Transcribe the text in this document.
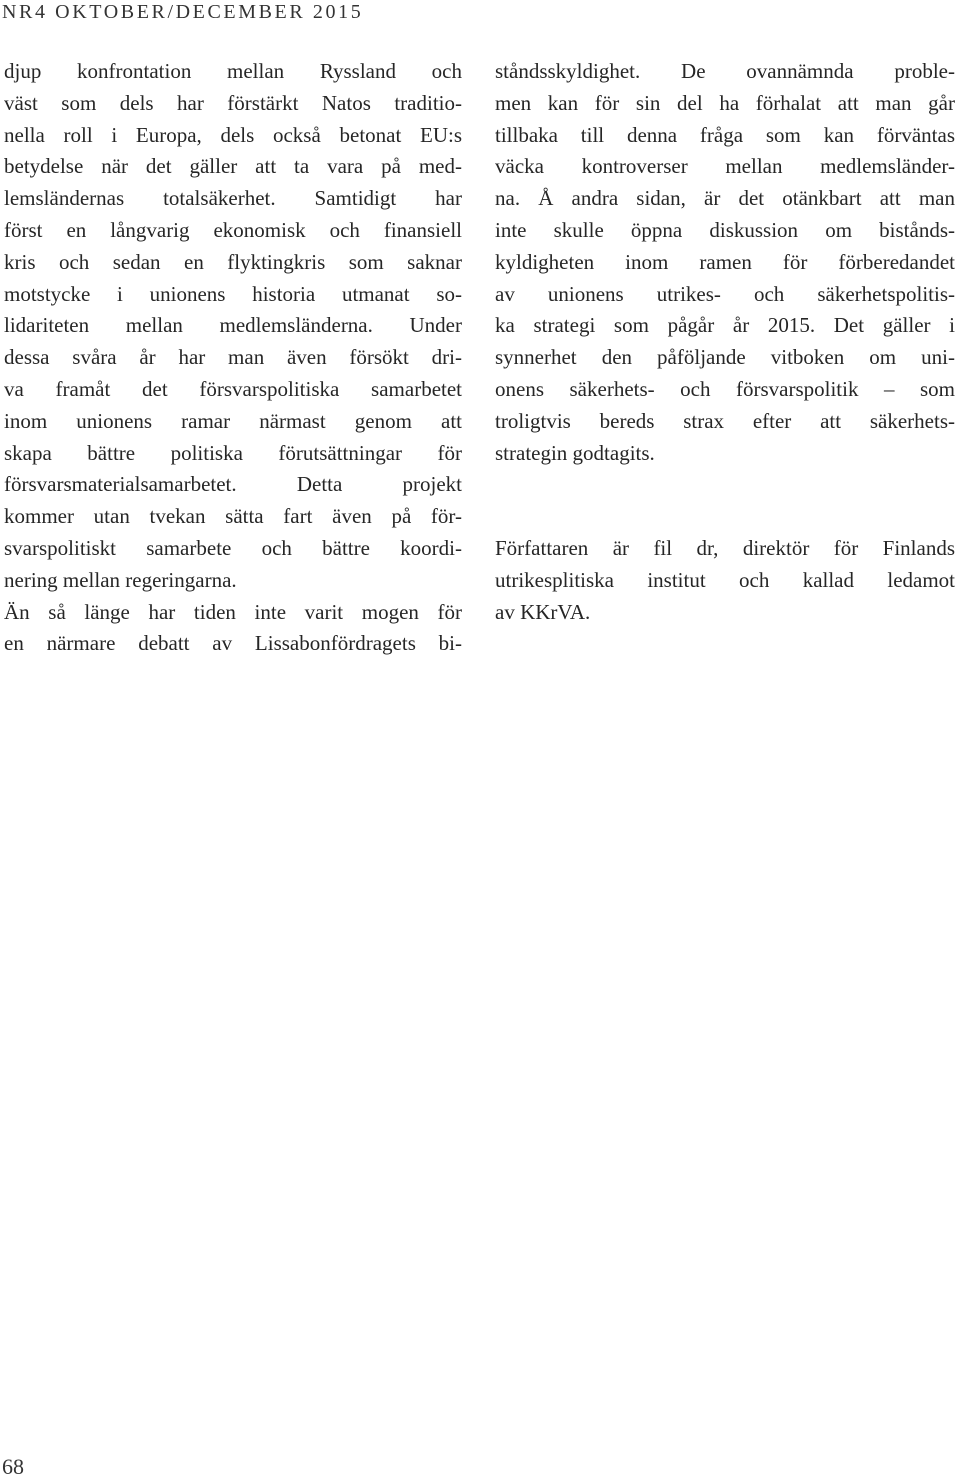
NR4 OKTOBER/DECEMBER 2015
djup konfrontation mellan Ryssland och
väst som dels har förstärkt Natos traditio-
nella roll i Europa, dels också betonat EU:s
betydelse när det gäller att ta vara på med-
lemsländernas totalsäkerhet. Samtidigt har
först en långvarig ekonomisk och finansiell
kris och sedan en flyktingkris som saknar
motstycke i unionens historia utmanat so-
lidariteten mellan medlemsländerna. Under
dessa svåra år har man även försökt dri-
va framåt det försvarspolitiska samarbetet
inom unionens ramar närmast genom att
skapa bättre politiska förutsättningar för
försvarsmaterialsamarbetet. Detta projekt
kommer utan tvekan sätta fart även på för-
svarspolitiskt samarbete och bättre koordi-
nering mellan regeringarna.
Än så länge har tiden inte varit mogen för
en närmare debatt av Lissabonfördragets bi-
ståndsskyldighet. De ovannämnda proble-
men kan för sin del ha förhalat att man går
tillbaka till denna fråga som kan förväntas
väcka kontroverser mellan medlemsländer-
na. Å andra sidan, är det otänkbart att man
inte skulle öppna diskussion om bistånds-
kyldigheten inom ramen för förberedandet
av unionens utrikes- och säkerhetspolitis-
ka strategi som pågår år 2015. Det gäller i
synnerhet den påföljande vitboken om uni-
onens säkerhets- och försvarspolitik – som
troligtvis bereds strax efter att säkerhets-
strategin godtagits.
Författaren är fil dr, direktör för Finlands
utrikesplitiska institut och kallad ledamot
av KKrVA.
68
